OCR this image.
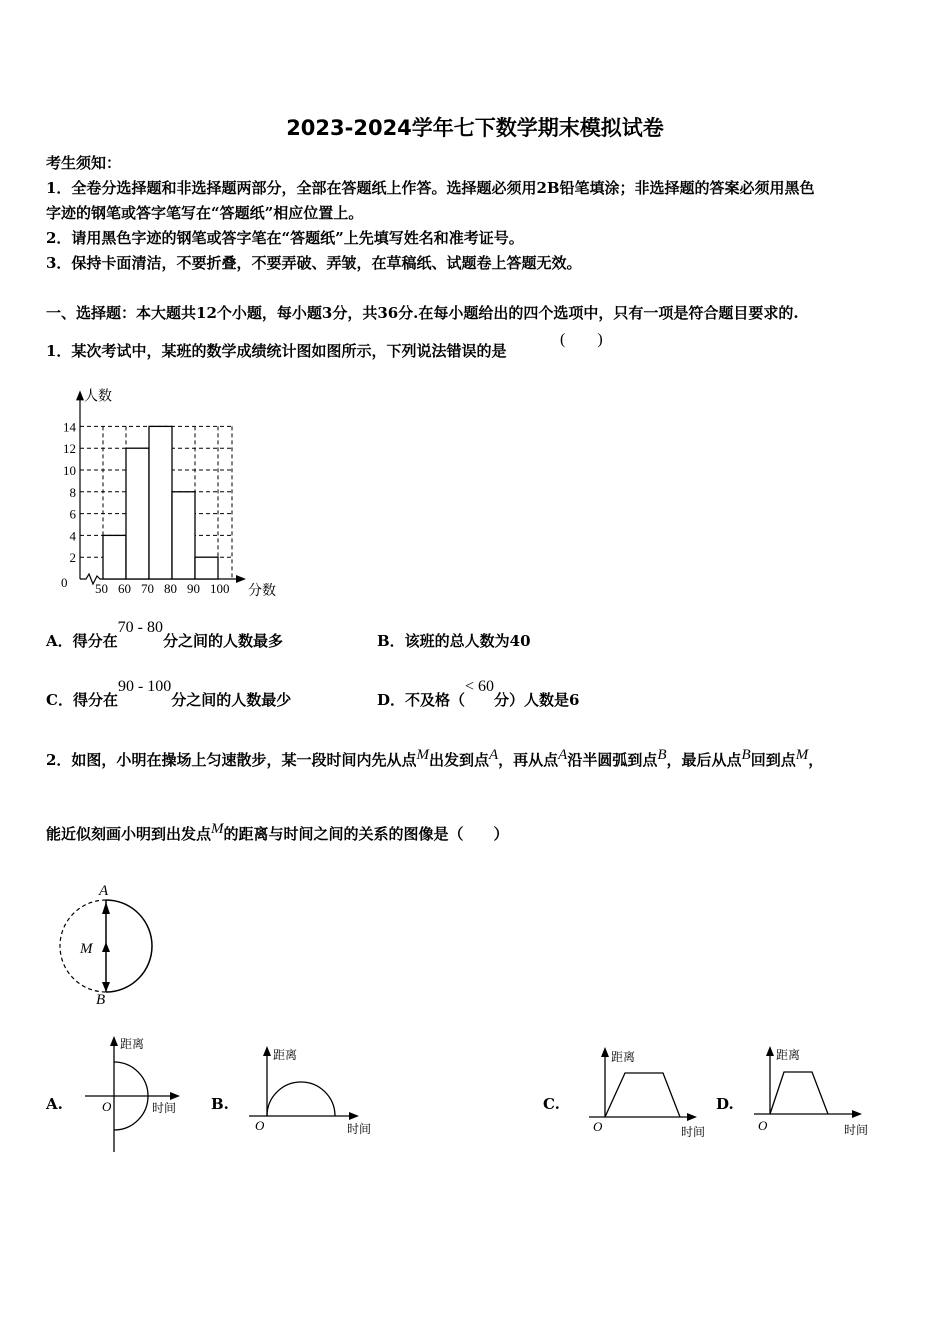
2023-2024学年七下数学期末模拟试卷
考生须知：
1．全卷分选择题和非选择题两部分，全部在答题纸上作答。选择题必须用2B铅笔填涂；非选择题的答案必须用黑色
字迹的钢笔或答字笔写在“答题纸”相应位置上。
2．请用黑色字迹的钢笔或答字笔在“答题纸”上先填写姓名和准考证号。
3．保持卡面清洁，不要折叠，不要弄破、弄皱，在草稿纸、试题卷上答题无效。
一、选择题：本大题共12个小题，每小题3分，共36分.在每小题给出的四个选项中，只有一项是符合题目要求的.
1．某次考试中，某班的数学成绩统计图如图所示，下列说法错误的是
(　　)
2
4
6
8
10
12
14
50 60 70 80 90 100
0
人数
分数
A．得分在70 - 80分之间的人数最多	B．该班的总人数为40
C．得分在90 - 100分之间的人数最少	D．不及格（< 60分）人数是6
2．如图，小明在操场上匀速散步，某一段时间内先从点M出发到点A，再从点A沿半圆弧到点B，最后从点B回到点M，
能近似刻画小明到出发点M的距离与时间之间的关系的图像是（　　）
A
M
B
A.	B.	C.	D.
距离
O	时间
距离
O	时间
距离
O	时间
距离
O	时间
